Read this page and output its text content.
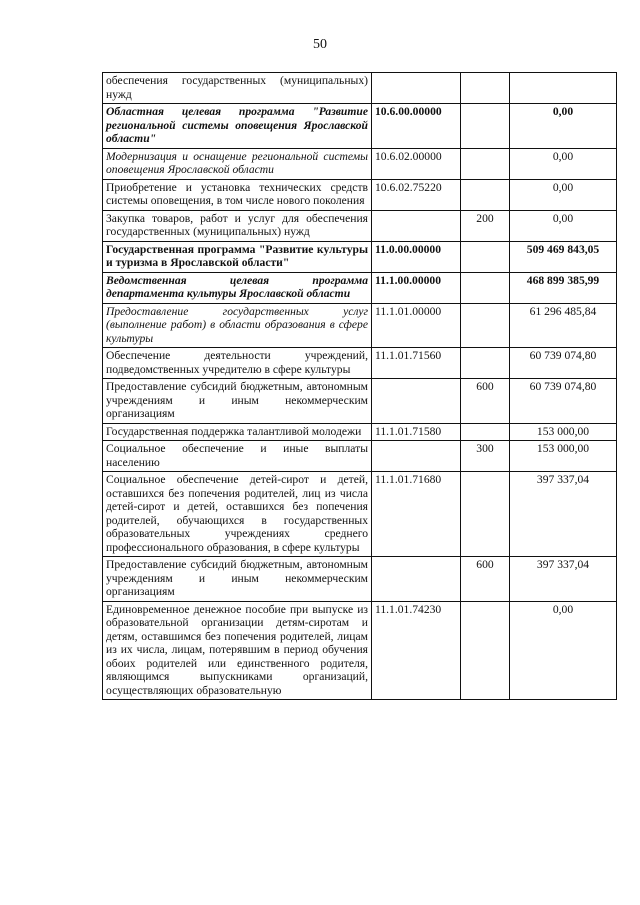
50
обеспечения государственных (муниципальных) нужд			
Областная целевая программа "Развитие региональной системы оповещения Ярославской области"	10.6.00.00000		0,00
Модернизация и оснащение региональной системы оповещения Ярославской области	10.6.02.00000		0,00
Приобретение и установка технических средств системы оповещения, в том числе нового поколения	10.6.02.75220		0,00
Закупка товаров, работ и услуг для обеспечения государственных (муниципальных) нужд		200	0,00
Государственная программа "Развитие культуры и туризма в Ярославской области"	11.0.00.00000		509 469 843,05
Ведомственная целевая программа департамента культуры Ярославской области	11.1.00.00000		468 899 385,99
Предоставление государственных услуг (выполнение работ) в области образования в сфере культуры	11.1.01.00000		61 296 485,84
Обеспечение деятельности учреждений, подведомственных учредителю в сфере культуры	11.1.01.71560		60 739 074,80
Предоставление субсидий бюджетным, автономным учреждениям и иным некоммерческим организациям		600	60 739 074,80
Государственная поддержка талантливой молодежи	11.1.01.71580		153 000,00
Социальное обеспечение и иные выплаты населению		300	153 000,00
Социальное обеспечение детей-сирот и детей, оставшихся без попечения родителей, лиц из числа детей-сирот и детей, оставшихся без попечения родителей, обучающихся в государственных образовательных учреждениях среднего профессионального образования, в сфере культуры	11.1.01.71680		397 337,04
Предоставление субсидий бюджетным, автономным учреждениям и иным некоммерческим организациям		600	397 337,04
Единовременное денежное пособие при выпуске из образовательной организации детям-сиротам и детям, оставшимся без попечения родителей, лицам из их числа, лицам, потерявшим в период обучения обоих родителей или единственного родителя, являющимся выпускниками организаций, осуществляющих образовательную	11.1.01.74230		0,00
